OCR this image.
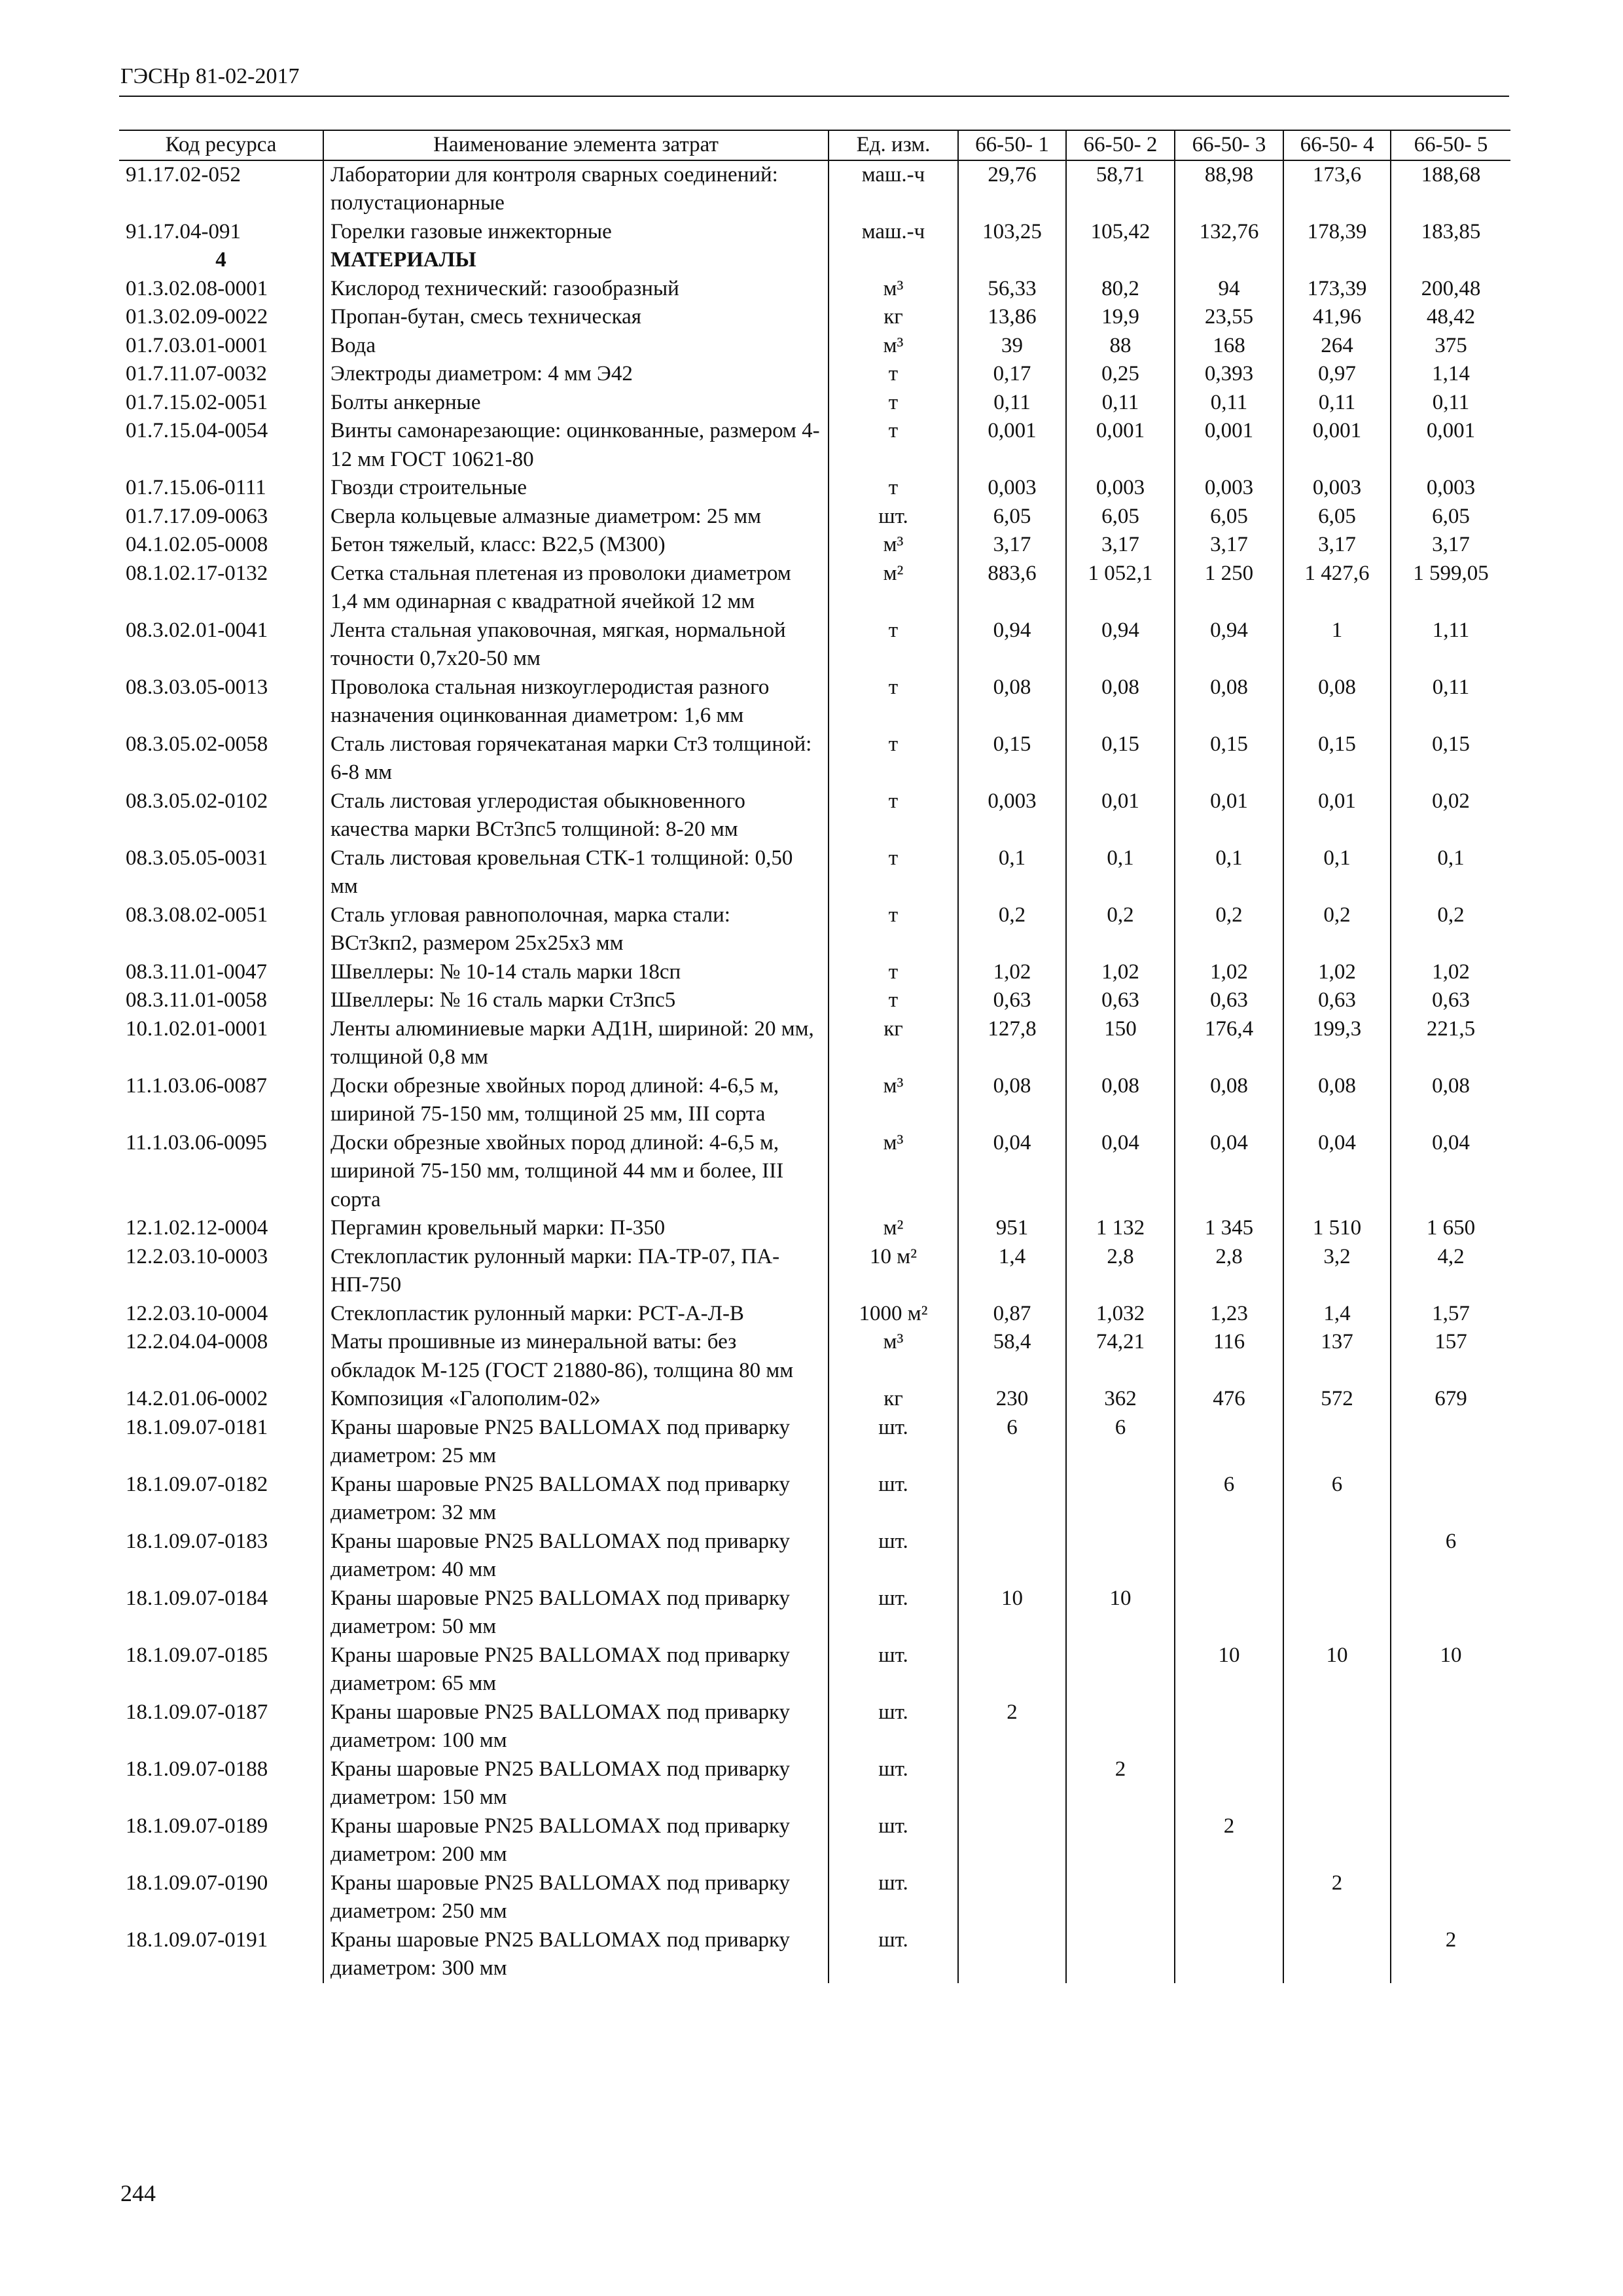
ГЭСНр 81-02-2017
Код ресурса	Наименование элемента затрат	Ед. изм.	66-50- 1	66-50- 2	66-50- 3	66-50- 4	66-50- 5
91.17.02-052	Лаборатории для контроля сварных соединений: полустационарные	маш.-ч	29,76	58,71	88,98	173,6	188,68
91.17.04-091	Горелки газовые инжекторные	маш.-ч	103,25	105,42	132,76	178,39	183,85
4	МАТЕРИАЛЫ						
01.3.02.08-0001	Кислород технический: газообразный	м³	56,33	80,2	94	173,39	200,48
01.3.02.09-0022	Пропан-бутан, смесь техническая	кг	13,86	19,9	23,55	41,96	48,42
01.7.03.01-0001	Вода	м³	39	88	168	264	375
01.7.11.07-0032	Электроды диаметром: 4 мм Э42	т	0,17	0,25	0,393	0,97	1,14
01.7.15.02-0051	Болты анкерные	т	0,11	0,11	0,11	0,11	0,11
01.7.15.04-0054	Винты самонарезающие: оцинкованные, размером 4-12 мм ГОСТ 10621-80	т	0,001	0,001	0,001	0,001	0,001
01.7.15.06-0111	Гвозди строительные	т	0,003	0,003	0,003	0,003	0,003
01.7.17.09-0063	Сверла кольцевые алмазные диаметром: 25 мм	шт.	6,05	6,05	6,05	6,05	6,05
04.1.02.05-0008	Бетон тяжелый, класс: В22,5 (М300)	м³	3,17	3,17	3,17	3,17	3,17
08.1.02.17-0132	Сетка стальная плетеная из проволоки диаметром 1,4 мм одинарная с квадратной ячейкой 12 мм	м²	883,6	1 052,1	1 250	1 427,6	1 599,05
08.3.02.01-0041	Лента стальная упаковочная, мягкая, нормальной точности 0,7х20-50 мм	т	0,94	0,94	0,94	1	1,11
08.3.03.05-0013	Проволока стальная низкоуглеродистая разного назначения оцинкованная диаметром: 1,6 мм	т	0,08	0,08	0,08	0,08	0,11
08.3.05.02-0058	Сталь листовая горячекатаная марки Ст3 толщиной: 6-8 мм	т	0,15	0,15	0,15	0,15	0,15
08.3.05.02-0102	Сталь листовая углеродистая обыкновенного качества марки ВСт3пс5 толщиной: 8-20 мм	т	0,003	0,01	0,01	0,01	0,02
08.3.05.05-0031	Сталь листовая кровельная СТК-1 толщиной: 0,50 мм	т	0,1	0,1	0,1	0,1	0,1
08.3.08.02-0051	Сталь угловая равнополочная, марка стали: ВСт3кп2, размером 25х25х3 мм	т	0,2	0,2	0,2	0,2	0,2
08.3.11.01-0047	Швеллеры: № 10-14 сталь марки 18сп	т	1,02	1,02	1,02	1,02	1,02
08.3.11.01-0058	Швеллеры: № 16 сталь марки Ст3пс5	т	0,63	0,63	0,63	0,63	0,63
10.1.02.01-0001	Ленты алюминиевые марки АД1Н, шириной: 20 мм, толщиной 0,8 мм	кг	127,8	150	176,4	199,3	221,5
11.1.03.06-0087	Доски обрезные хвойных пород длиной: 4-6,5 м, шириной 75-150 мм, толщиной 25 мм, III сорта	м³	0,08	0,08	0,08	0,08	0,08
11.1.03.06-0095	Доски обрезные хвойных пород длиной: 4-6,5 м, шириной 75-150 мм, толщиной 44 мм и более, III сорта	м³	0,04	0,04	0,04	0,04	0,04
12.1.02.12-0004	Пергамин кровельный марки: П-350	м²	951	1 132	1 345	1 510	1 650
12.2.03.10-0003	Стеклопластик рулонный марки: ПА-ТР-07, ПА-НП-750	10 м²	1,4	2,8	2,8	3,2	4,2
12.2.03.10-0004	Стеклопластик рулонный марки: РСТ-А-Л-В	1000 м²	0,87	1,032	1,23	1,4	1,57
12.2.04.04-0008	Маты прошивные из минеральной ваты: без обкладок М-125 (ГОСТ 21880-86), толщина 80 мм	м³	58,4	74,21	116	137	157
14.2.01.06-0002	Композиция «Галополим-02»	кг	230	362	476	572	679
18.1.09.07-0181	Краны шаровые PN25 BALLOMAX под приварку диаметром: 25 мм	шт.	6	6			
18.1.09.07-0182	Краны шаровые PN25 BALLOMAX под приварку диаметром: 32 мм	шт.			6	6	
18.1.09.07-0183	Краны шаровые PN25 BALLOMAX под приварку диаметром: 40 мм	шт.					6
18.1.09.07-0184	Краны шаровые PN25 BALLOMAX под приварку диаметром: 50 мм	шт.	10	10			
18.1.09.07-0185	Краны шаровые PN25 BALLOMAX под приварку диаметром: 65 мм	шт.			10	10	10
18.1.09.07-0187	Краны шаровые PN25 BALLOMAX под приварку диаметром: 100 мм	шт.	2				
18.1.09.07-0188	Краны шаровые PN25 BALLOMAX под приварку диаметром: 150 мм	шт.		2			
18.1.09.07-0189	Краны шаровые PN25 BALLOMAX под приварку диаметром: 200 мм	шт.			2		
18.1.09.07-0190	Краны шаровые PN25 BALLOMAX под приварку диаметром: 250 мм	шт.				2	
18.1.09.07-0191	Краны шаровые PN25 BALLOMAX под приварку диаметром: 300 мм	шт.					2
244
